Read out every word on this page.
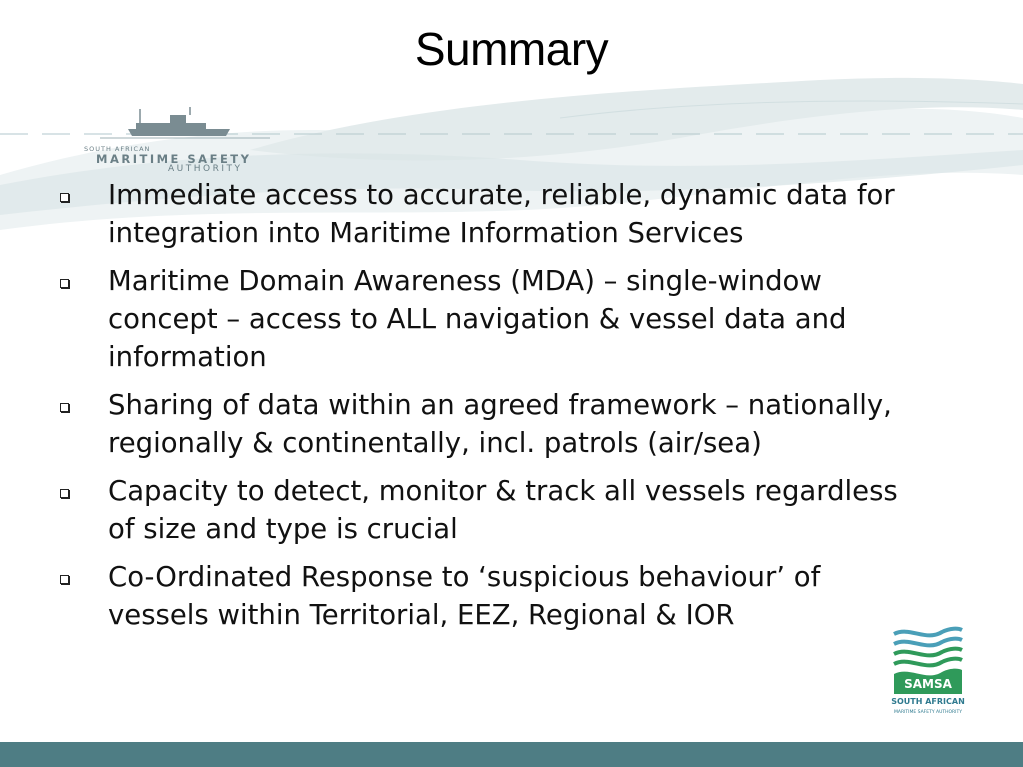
Summary
SOUTH AFRICAN
MARITIME SAFETY
AUTHORITY
Immediate access to accurate, reliable, dynamic data for integration into Maritime Information Services
Maritime Domain Awareness (MDA) – single-window concept – access to ALL navigation & vessel data and information
Sharing of data within an agreed framework – nationally, regionally & continentally, incl. patrols (air/sea)
Capacity to detect, monitor & track all vessels regardless of size and type is crucial
Co-Ordinated Response to ‘suspicious behaviour’ of vessels within Territorial, EEZ, Regional & IOR
SAMSA
SOUTH AFRICAN
MARITIME SAFETY AUTHORITY
